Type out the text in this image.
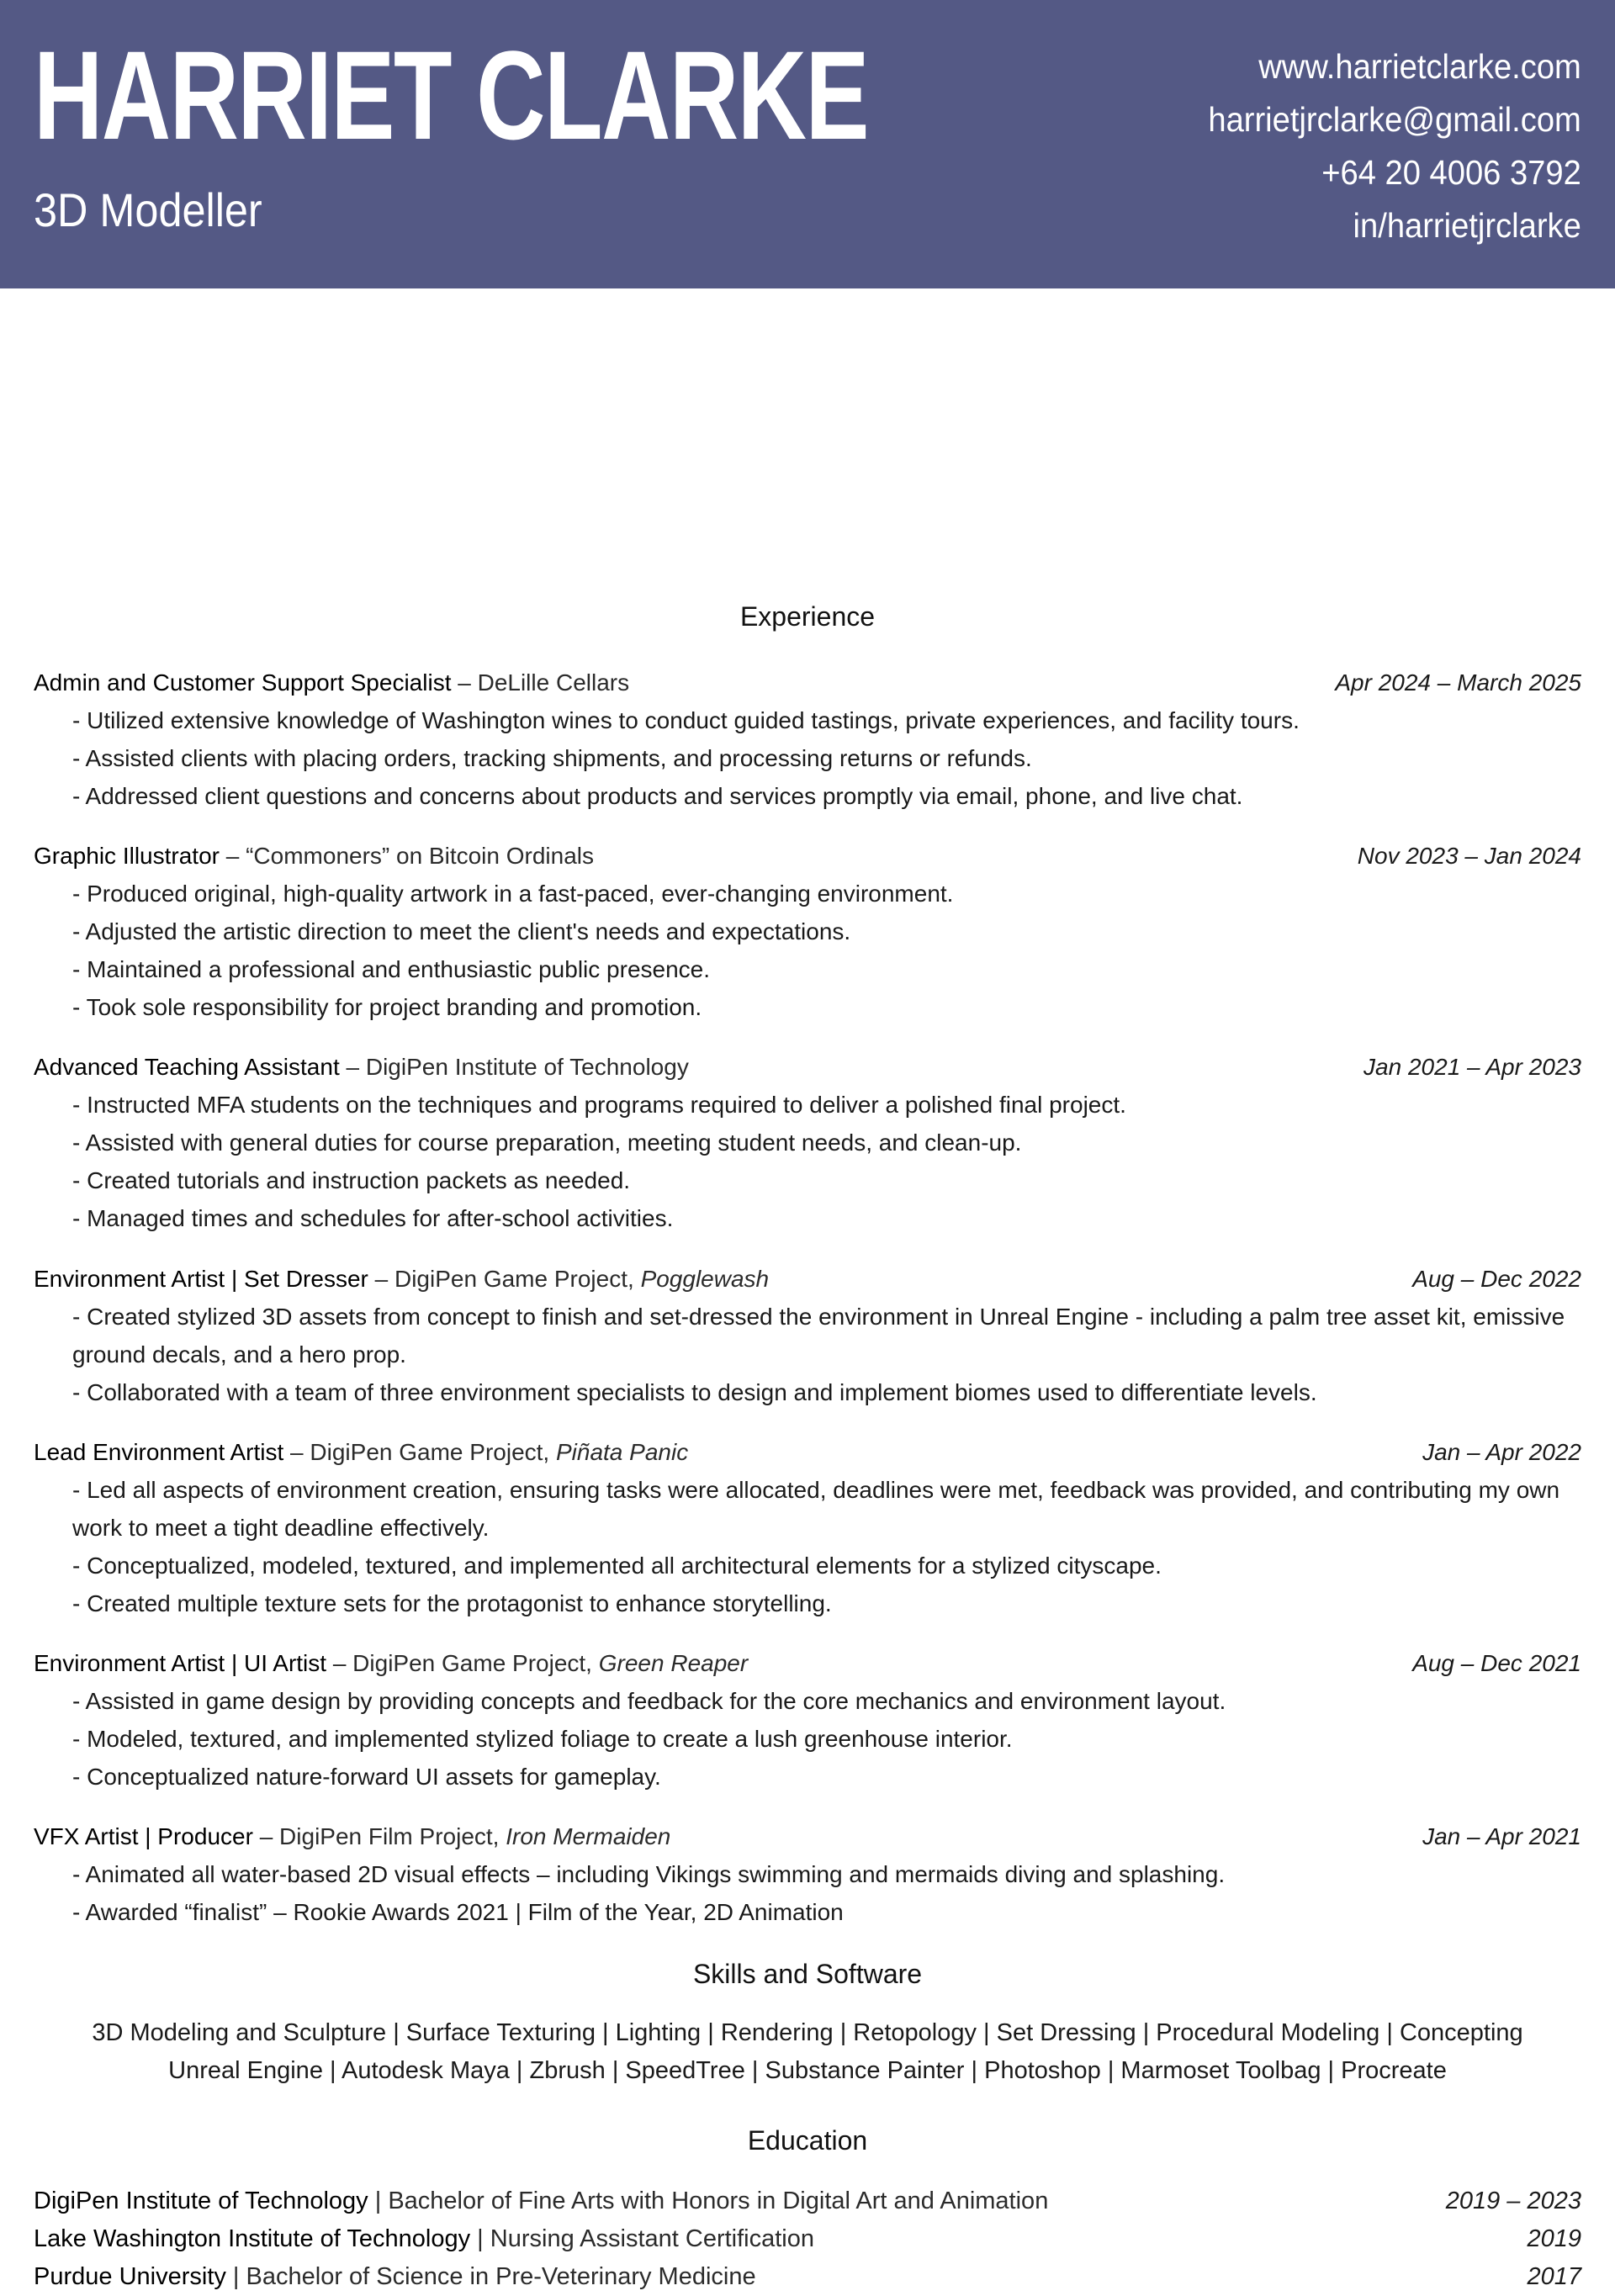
HARRIET CLARKE
3D Modeller
www.harrietclarke.com
harrietjrclarke@gmail.com
+64 20 4006 3792
in/harrietjrclarke
Experience
Admin and Customer Support Specialist – DeLille Cellars	Apr 2024 – March 2025
- Utilized extensive knowledge of Washington wines to conduct guided tastings, private experiences, and facility tours.
- Assisted clients with placing orders, tracking shipments, and processing returns or refunds.
- Addressed client questions and concerns about products and services promptly via email, phone, and live chat.
Graphic Illustrator – “Commoners” on Bitcoin Ordinals	Nov 2023 – Jan 2024
- Produced original, high-quality artwork in a fast-paced, ever-changing environment.
- Adjusted the artistic direction to meet the client's needs and expectations.
- Maintained a professional and enthusiastic public presence.
- Took sole responsibility for project branding and promotion.
Advanced Teaching Assistant – DigiPen Institute of Technology	Jan 2021 – Apr 2023
- Instructed MFA students on the techniques and programs required to deliver a polished final project.
- Assisted with general duties for course preparation, meeting student needs, and clean-up.
- Created tutorials and instruction packets as needed.
- Managed times and schedules for after-school activities.
Environment Artist | Set Dresser – DigiPen Game Project, Pogglewash	Aug – Dec 2022
- Created stylized 3D assets from concept to finish and set-dressed the environment in Unreal Engine - including a palm tree asset kit, emissive ground decals, and a hero prop.
- Collaborated with a team of three environment specialists to design and implement biomes used to differentiate levels.
Lead Environment Artist – DigiPen Game Project, Piñata Panic	Jan – Apr 2022
- Led all aspects of environment creation, ensuring tasks were allocated, deadlines were met, feedback was provided, and contributing my own work to meet a tight deadline effectively.
- Conceptualized, modeled, textured, and implemented all architectural elements for a stylized cityscape.
- Created multiple texture sets for the protagonist to enhance storytelling.
Environment Artist | UI Artist – DigiPen Game Project, Green Reaper	Aug – Dec 2021
- Assisted in game design by providing concepts and feedback for the core mechanics and environment layout.
- Modeled, textured, and implemented stylized foliage to create a lush greenhouse interior.
- Conceptualized nature-forward UI assets for gameplay.
VFX Artist | Producer – DigiPen Film Project, Iron Mermaiden	Jan – Apr 2021
- Animated all water-based 2D visual effects – including Vikings swimming and mermaids diving and splashing.
- Awarded “finalist” – Rookie Awards 2021 | Film of the Year, 2D Animation
Skills and Software
3D Modeling and Sculpture | Surface Texturing | Lighting | Rendering | Retopology | Set Dressing | Procedural Modeling | Concepting
Unreal Engine | Autodesk Maya | Zbrush | SpeedTree | Substance Painter | Photoshop | Marmoset Toolbag | Procreate
Education
DigiPen Institute of Technology | Bachelor of Fine Arts with Honors in Digital Art and Animation	2019 – 2023
Lake Washington Institute of Technology | Nursing Assistant Certification	2019
Purdue University | Bachelor of Science in Pre-Veterinary Medicine	2017
